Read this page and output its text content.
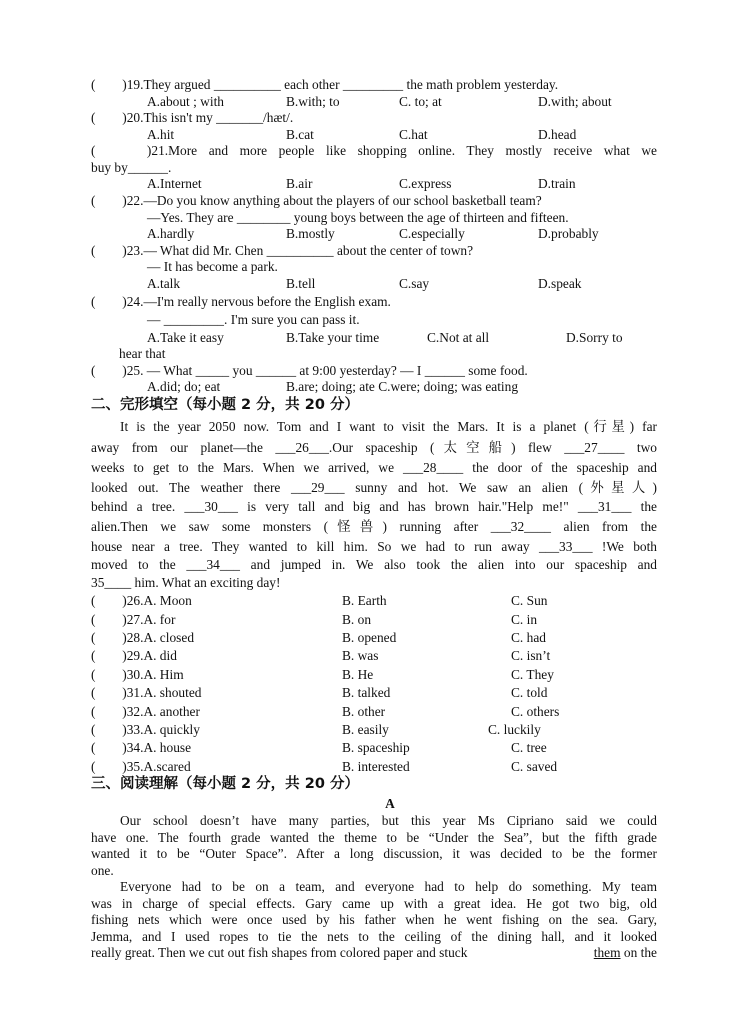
(　　)19.They argued __________ each other _________ the math problem yesterday.
A.about ; with	B.with; to	C. to; at	D.with; about
(　　)20.This isn't my _______/hæt/.
A.hit	B.cat	C.hat	D.head
(　　)21.More and more people like shopping online. They mostly receive what we
buy by______.
A.Internet	B.air	C.express	D.train
(　　)22.—Do you know anything about the players of our school basketball team?
—Yes. They are ________ young boys between the age of thirteen and fifteen.
A.hardly	B.mostly	C.especially	D.probably
(　　)23.— What did Mr. Chen __________ about the center of town?
— It has become a park.
A.talk	B.tell	C.say	D.speak
(　　)24.—I'm really nervous before the English exam.
— _________. I'm sure you can pass it.
A.Take it easy	B.Take your time	C.Not at all	D.Sorry to
hear that
(　　)25. — What _____ you ______ at 9:00 yesterday? — I ______ some food.
A.did; do; eat	B.are; doing; ate C.were; doing; was eating
二、完形填空（每小题 2 分，共 20 分）
It is the year 2050 now. Tom and I want to visit the Mars. It is a planet (行星) far
away from our planet—the ___26___.Our spaceship (太空船) flew ___27____ two
weeks to get to the Mars. When we arrived, we ___28____ the door of the spaceship and
looked out. The weather there ___29___ sunny and hot. We saw an alien (外星人)
behind a tree. ___30___ is very tall and big and has brown hair."Help me!" ___31___ the
alien.Then we saw some monsters (怪兽) running after ___32____ alien from the
house near a tree. They wanted to kill him. So we had to run away ___33___ !We both
moved to the ___34___ and jumped in. We also took the alien into our spaceship and
35____ him. What an exciting day!
(　　)26.A. Moon	B. Earth	C. Sun
(　　)27.A. for	B. on	C. in
(　　)28.A. closed	B. opened	C. had
(　　)29.A. did	B. was	C. isn’t
(　　)30.A. Him	B. He	C. They
(　　)31.A. shouted	B. talked	C. told
(　　)32.A. another	B. other	C. others
(　　)33.A. quickly	B. easily	C. luckily
(　　)34.A. house	B. spaceship	C. tree
(　　)35.A.scared	B. interested	C. saved
三、阅读理解（每小题 2 分，共 20 分）
A
Our school doesn’t have many parties, but this year Ms Cipriano said we could
have one. The fourth grade wanted the theme to be “Under the Sea”, but the fifth grade
wanted it to be “Outer Space”. After a long discussion, it was decided to be the former
one.
Everyone had to be on a team, and everyone had to help do something. My team
was in charge of special effects. Gary came up with a great idea. He got two big, old
fishing nets which were once used by his father when he went fishing on the sea. Gary,
Jemma, and I used ropes to tie the nets to the ceiling of the dining hall, and it looked
really great. Then we cut out fish shapes from colored paper and stuck	them on the
